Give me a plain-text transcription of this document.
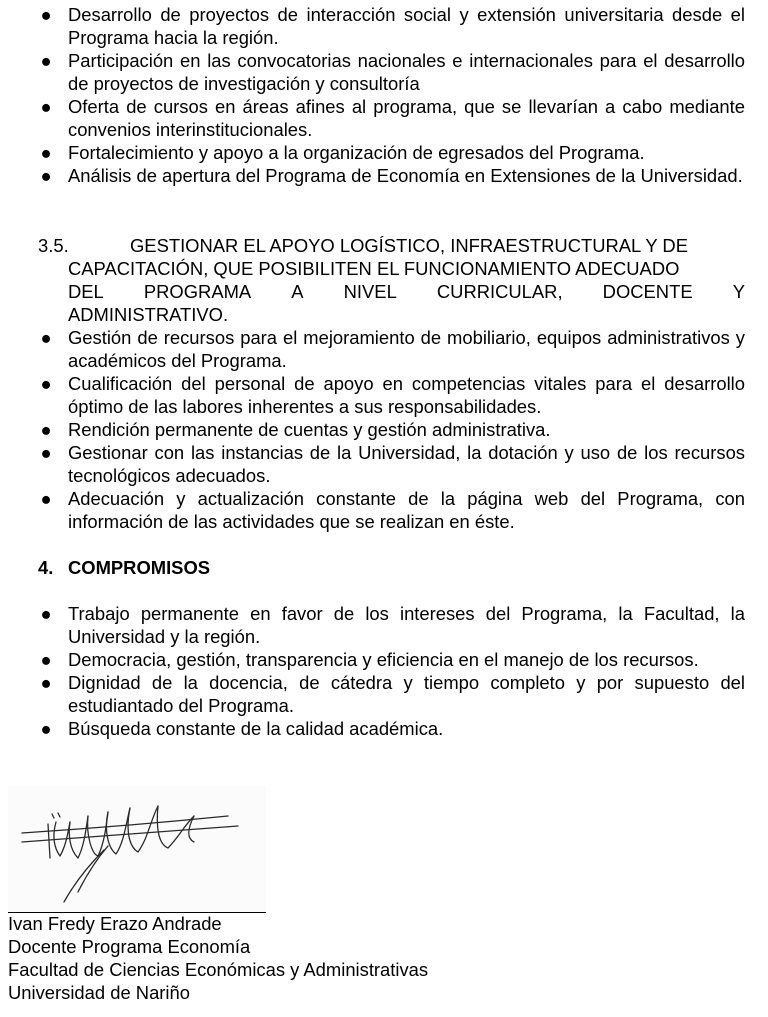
● Desarrollo de proyectos de interacción social y extensión universitaria desde el Programa hacia la región.
● Participación en las convocatorias nacionales e internacionales para el desarrollo de proyectos de investigación y consultoría
● Oferta de cursos en áreas afines al programa, que se llevarían a cabo mediante convenios interinstitucionales.
● Fortalecimiento y apoyo a la organización de egresados del Programa.
● Análisis de apertura del Programa de Economía en Extensiones de la Universidad.
3.5.	GESTIONAR EL APOYO LOGÍSTICO, INFRAESTRUCTURAL Y DE
CAPACITACIÓN, QUE POSIBILITEN EL FUNCIONAMIENTO ADECUADO
DEL PROGRAMA A NIVEL CURRICULAR, DOCENTE Y
ADMINISTRATIVO.
● Gestión de recursos para el mejoramiento de mobiliario, equipos administrativos y académicos del Programa.
● Cualificación del personal de apoyo en competencias vitales para el desarrollo óptimo de las labores inherentes a sus responsabilidades.
● Rendición permanente de cuentas y gestión administrativa.
● Gestionar con las instancias de la Universidad, la dotación y uso de los recursos tecnológicos adecuados.
● Adecuación y actualización constante de la página web del Programa, con información de las actividades que se realizan en éste.
4. COMPROMISOS
● Trabajo permanente en favor de los intereses del Programa, la Facultad, la Universidad y la región.
● Democracia, gestión, transparencia y eficiencia en el manejo de los recursos.
● Dignidad de la docencia, de cátedra y tiempo completo y por supuesto del estudiantado del Programa.
● Búsqueda constante de la calidad académica.
Ivan Fredy Erazo Andrade
Docente Programa Economía
Facultad de Ciencias Económicas y Administrativas
Universidad de Nariño
